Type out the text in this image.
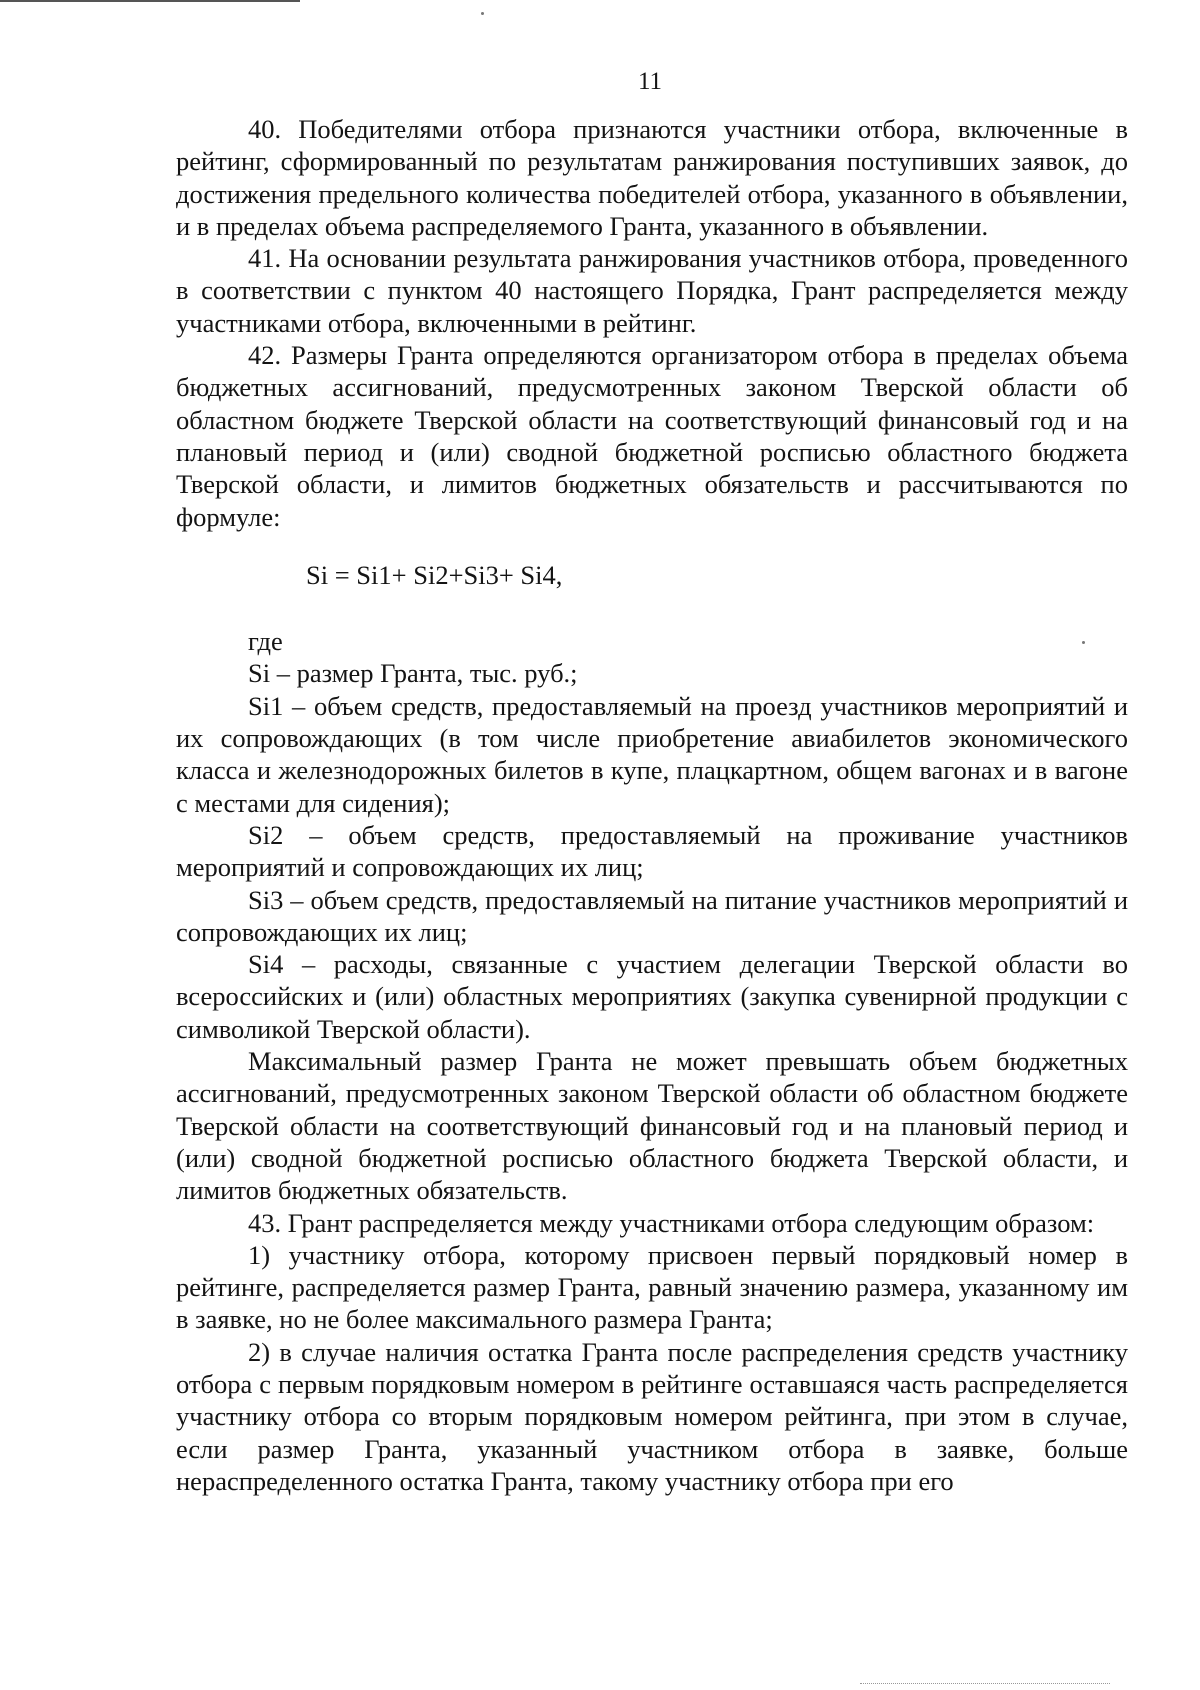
11

40. Победителями отбора признаются участники отбора, включенные в рейтинг, сформированный по результатам ранжирования поступивших заявок, до достижения предельного количества победителей отбора, указанного в объявлении, и в пределах объема распределяемого Гранта, указанного в объявлении.

41. На основании результата ранжирования участников отбора, проведенного в соответствии с пунктом 40 настоящего Порядка, Грант распределяется между участниками отбора, включенными в рейтинг.

42. Размеры Гранта определяются организатором отбора в пределах объема бюджетных ассигнований, предусмотренных законом Тверской области об областном бюджете Тверской области на соответствующий финансовый год и на плановый период и (или) сводной бюджетной росписью областного бюджета Тверской области, и лимитов бюджетных обязательств и рассчитываются по формуле:

Si = Si1+ Si2+Si3+ Si4,

где

Si – размер Гранта, тыс. руб.;

Si1 – объем средств, предоставляемый на проезд участников мероприятий и их сопровождающих (в том числе приобретение авиабилетов экономического класса и железнодорожных билетов в купе, плацкартном, общем вагонах и в вагоне с местами для сидения);

Si2 – объем средств, предоставляемый на проживание участников мероприятий и сопровождающих их лиц;

Si3 – объем средств, предоставляемый на питание участников мероприятий и сопровождающих их лиц;

Si4 – расходы, связанные с участием делегации Тверской области во всероссийских и (или) областных мероприятиях (закупка сувенирной продукции с символикой Тверской области).

Максимальный размер Гранта не может превышать объем бюджетных ассигнований, предусмотренных законом Тверской области об областном бюджете Тверской области на соответствующий финансовый год и на плановый период и (или) сводной бюджетной росписью областного бюджета Тверской области, и лимитов бюджетных обязательств.

43. Грант распределяется между участниками отбора следующим образом:

1) участнику отбора, которому присвоен первый порядковый номер в рейтинге, распределяется размер Гранта, равный значению размера, указанному им в заявке, но не более максимального размера Гранта;

2) в случае наличия остатка Гранта после распределения средств участнику отбора с первым порядковым номером в рейтинге оставшаяся часть распределяется участнику отбора со вторым порядковым номером рейтинга, при этом в случае, если размер Гранта, указанный участником отбора в заявке, больше нераспределенного остатка Гранта, такому участнику отбора при его
